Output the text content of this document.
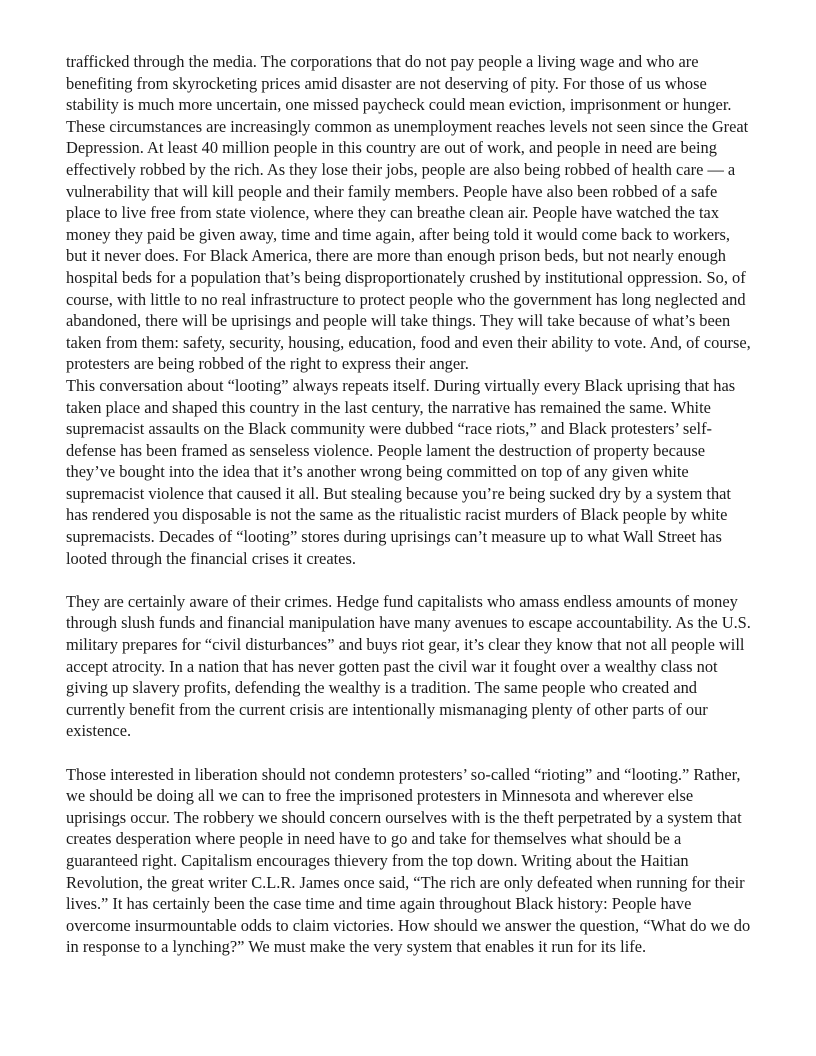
trafficked through the media. The corporations that do not pay people a living wage and who are benefiting from skyrocketing prices amid disaster are not deserving of pity. For those of us whose stability is much more uncertain, one missed paycheck could mean eviction, imprisonment or hunger. These circumstances are increasingly common as unemployment reaches levels not seen since the Great Depression. At least 40 million people in this country are out of work, and people in need are being effectively robbed by the rich. As they lose their jobs, people are also being robbed of health care — a vulnerability that will kill people and their family members. People have also been robbed of a safe place to live free from state violence, where they can breathe clean air. People have watched the tax money they paid be given away, time and time again, after being told it would come back to workers, but it never does. For Black America, there are more than enough prison beds, but not nearly enough hospital beds for a population that’s being disproportionately crushed by institutional oppression. So, of course, with little to no real infrastructure to protect people who the government has long neglected and abandoned, there will be uprisings and people will take things. They will take because of what’s been taken from them: safety, security, housing, education, food and even their ability to vote. And, of course, protesters are being robbed of the right to express their anger.

This conversation about “looting” always repeats itself. During virtually every Black uprising that has taken place and shaped this country in the last century, the narrative has remained the same. White supremacist assaults on the Black community were dubbed “race riots,” and Black protesters’ self-defense has been framed as senseless violence. People lament the destruction of property because they’ve bought into the idea that it’s another wrong being committed on top of any given white supremacist violence that caused it all. But stealing because you’re being sucked dry by a system that has rendered you disposable is not the same as the ritualistic racist murders of Black people by white supremacists. Decades of “looting” stores during uprisings can’t measure up to what Wall Street has looted through the financial crises it creates.

They are certainly aware of their crimes. Hedge fund capitalists who amass endless amounts of money through slush funds and financial manipulation have many avenues to escape accountability. As the U.S. military prepares for “civil disturbances” and buys riot gear, it’s clear they know that not all people will accept atrocity. In a nation that has never gotten past the civil war it fought over a wealthy class not giving up slavery profits, defending the wealthy is a tradition. The same people who created and currently benefit from the current crisis are intentionally mismanaging plenty of other parts of our existence.

Those interested in liberation should not condemn protesters’ so-called “rioting” and “looting.” Rather, we should be doing all we can to free the imprisoned protesters in Minnesota and wherever else uprisings occur. The robbery we should concern ourselves with is the theft perpetrated by a system that creates desperation where people in need have to go and take for themselves what should be a guaranteed right. Capitalism encourages thievery from the top down. Writing about the Haitian Revolution, the great writer C.L.R. James once said, “The rich are only defeated when running for their lives.” It has certainly been the case time and time again throughout Black history: People have overcome insurmountable odds to claim victories. How should we answer the question, “What do we do in response to a lynching?” We must make the very system that enables it run for its life.
